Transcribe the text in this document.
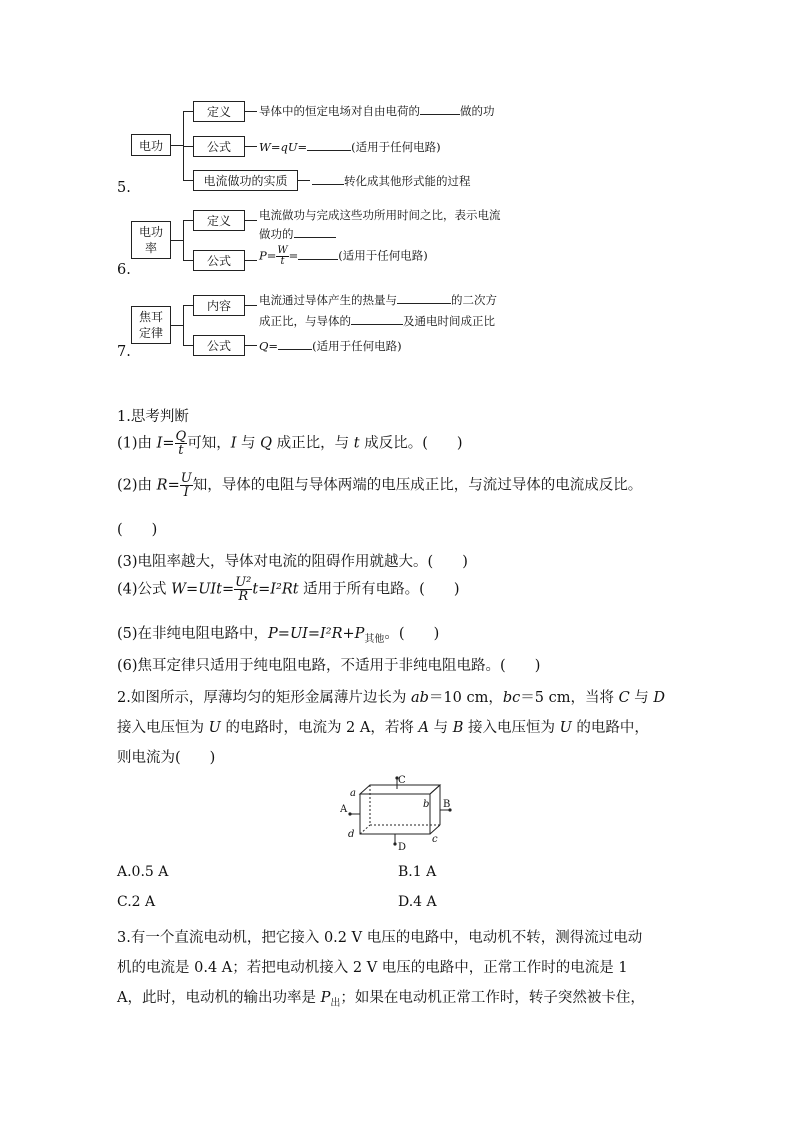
5.
电功
定义	导体中的恒定电场对自由电荷的	做的功
公式	W=qU=	(适用于任何电路)
电流做功的实质	转化成其他形式能的过程
6.
电功
率
定义	电流做功与完成这些功所用时间之比，表示电流
做功的
公式	$P= \frac{W}{t}$ =	(适用于任何电路)
7.
焦耳
定律
内容	电流通过导体产生的热量与	的二次方
成正比，与导体的	及通电时间成正比
公式	Q=	(适用于任何电路)
1.思考判断
(1)由 $I= \frac{Q}{t}$ 可知，I 与 Q 成正比，与 t 成反比。(　　)
(2)由 $R= \frac{U}{I}$ 知，导体的电阻与导体两端的电压成正比，与流过导体的电流成反比。
(　　)
(3)电阻率越大，导体对电流的阻碍作用就越大。(　　)
(4)公式 $W=UIt= \frac{\text{U²}}{R} t=I^2Rt$ 适用于所有电路。(　　)
(5)在非纯电阻电路中，$P=UI=I^2R+P_{其他}$。(　　)
(6)焦耳定律只适用于纯电阻电路，不适用于非纯电阻电路。(　　)
2.如图所示，厚薄均匀的矩形金属薄片边长为 ab＝10 cm，bc＝5 cm，当将 C 与 D
接入电压恒为 U 的电路时，电流为 2 A，若将 A 与 B 接入电压恒为 U 的电路中，
则电流为(　　)
C
D
A	B
a
b
c
d
A.0.5 A	B.1 A
C.2 A	D.4 A
3.有一个直流电动机，把它接入 0.2 V 电压的电路中，电动机不转，测得流过电动
机的电流是 0.4 A；若把电动机接入 2 V 电压的电路中，正常工作时的电流是 1
A，此时，电动机的输出功率是 $P_出$；如果在电动机正常工作时，转子突然被卡住，
